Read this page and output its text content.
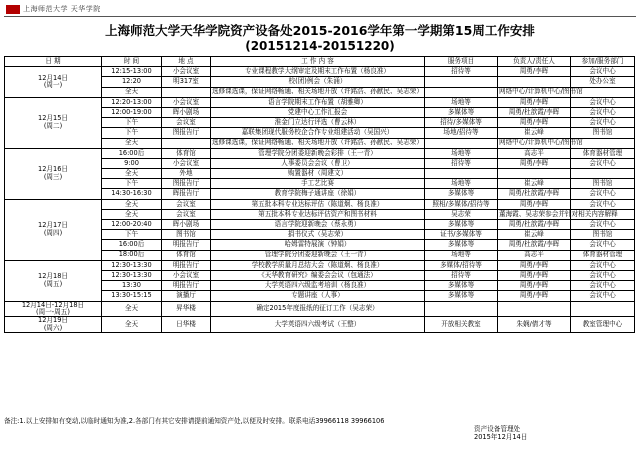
上海师范大学 天华学院
上海师范大学天华学院资产设备处2015-2016学年第一学期第15周工作安排
(20151214-20151220)
日 期	时 间	地 点	工 作 内 容	服务项目	负责人/责任人	参加/服务部门

12月14日
(周一)	12:15-13:00	小会议室	专业课程教学大纲审定及期末工作布置（杨良准）	招待等	周勇/李晖	会议中心
	12:20	明317室	校(团)例会（朱涌）			处办公室
	全天		选修课选课，保证网络畅通、相关场地开放（许銘浩、孙献民、吴志荣）		网络中心/计算机中心/图书馆	

12月15日
(周二)	12:20-13:00	小会议室	语言学院期末工作布置（胡雅卿）	场地等	周勇/李晖	会议中心
	12:00-19:00	晖小剧场	党建中心工作汇报会	多媒体等	周勇/杜歆霞/李晖	会议中心
	下午	会议室	淮金门立达行评选（曹云林）	招待/多媒体等	周勇/李晖	会议中心
	下午	图报告厅	嘉联集团现代服务校企合作专业组建活动（吴国兴）	场地/招待等	崔云峰	图书馆
	全天		选修课选课，保证网络畅通、相关场地开放（许銘浩、孙献民、吴志荣）		网络中心/计算机中心/图书馆	

12月16日
(周三)	16:00后	体育馆	管理学院分团委迎新晚会彩排（王一青）	场地等	高志平	体育器材管理
	9:00	小会议室	人事委员会会议（曹卫）	招待等	周勇/李晖	会议中心
	全天	外地	购置器材（周建文）			
	下午	图报告厅	手工艺比赛	场地等	崔云峰	图书馆
	14:30-16:30	晖报告厅	教育学院梅子通讲座（徐娟）	多媒体等	周勇/杜歆霞/李晖	会议中心

12月17日
(周四)	全天	会议室	第五批本科专业达标评估（陈道炯、杨良准）	照相/多媒体/招待等	周勇/李晖	会议中心
	全天	会议室	第五批本科专业达标评估资产和图书材料	吴志荣	董海霞、吴志荣参会并针对相关内容解释	
	12:00-20:40	晖小剧场	语言学院迎新晚会（蔡永勇）	多媒体等	周勇/杜歆霞/李晖	会议中心
	下午	图书馆	捐书仪式（吴志荣）	证书/多媒体等	崔云峰	图书馆
	16:00后	明报告厅	哈姆雷特展演（钟娟）	多媒体等	周勇/杜歆霞/李晖	会议中心
	18:00后	体育馆	管理学院分团委迎新晚会（王一青）	场地等	高志平	体育器材管理

12月18日
(周五)	12:30-13:30	明报告厅	学校教学质量月总结大会（陈道炯、杨良准）	多媒体/招待等	周勇/李晖	会议中心
	12:30-13:30	小会议室	《天华教育研究》编委会会议（包通法）	招待等	周勇/李晖	会议中心
	13:30	明报告厅	大学英语四六级监考培训（杨良准）	多媒体等	周勇/李晖	会议中心
	13:30-15:15	演播厅	专题讲座（人事）	多媒体等	周勇/李晖	会议中心

12月14日-12月18日
(周一-周五)	全天	昇华楼	确定2015年度报纸的征订工作（吴志荣）			

12月19日
(周六)	全天	日华楼	大学英语四六级考试（王整）	开放相关教室	朱娴/倩才等	教室管理中心
备注:1.以上安排如有变动,以临时通知为准,2.各部门有其它安排请提前通知资产处,以便及时安排。联系电话39966118 39966106
资产设备管理处
2015年12月14日
